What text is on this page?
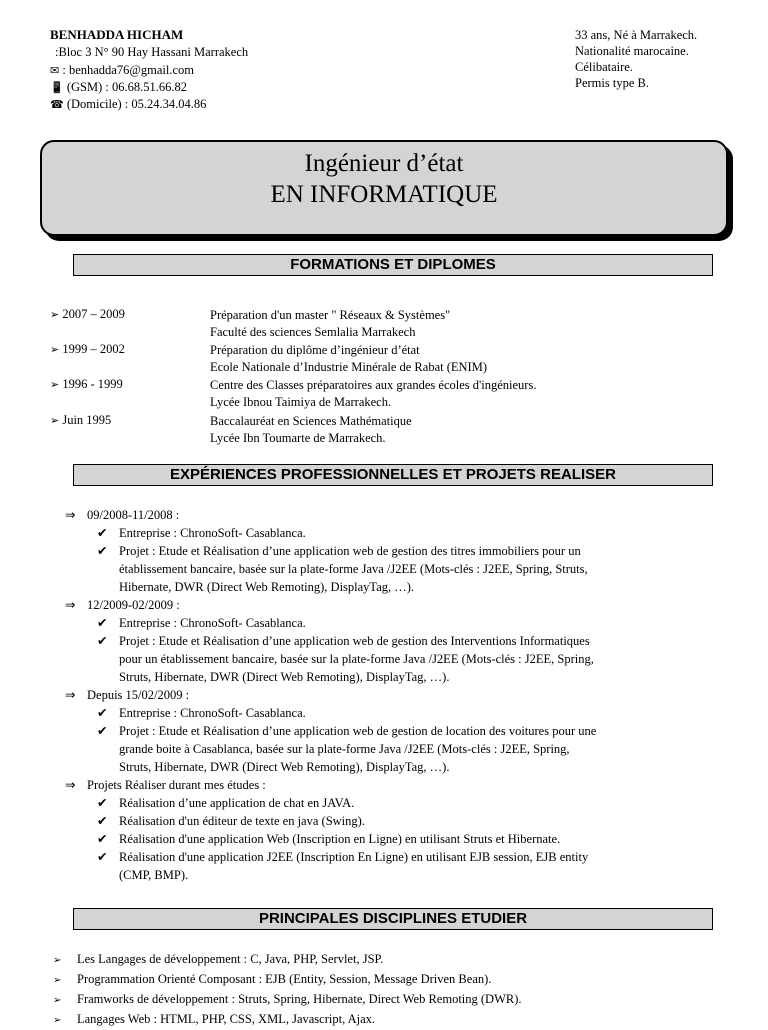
BENHADDA HICHAM
:Bloc 3 N° 90 Hay Hassani Marrakech
✉ : benhadda76@gmail.com
📱 (GSM) : 06.68.51.66.82
☎ (Domicile) : 05.24.34.04.86
33 ans, Né à Marrakech.
Nationalité marocaine.
Célibataire.
Permis type B.
Ingénieur d’état
EN INFORMATIQUE
FORMATIONS ET DIPLOMES
➢ 2007 – 2009	Préparation d'un master " Réseaux & Systèmes"
Faculté des sciences Semlalia Marrakech
➢ 1999 – 2002	Préparation du diplôme d’ingénieur d’état
Ecole Nationale d’Industrie Minérale de Rabat (ENIM)
➢ 1996 - 1999	Centre des Classes préparatoires aux grandes écoles d'ingénieurs.
Lycée Ibnou Taimiya de Marrakech.
➢ Juin 1995	Baccalauréat en Sciences Mathématique
Lycée Ibn Toumarte de Marrakech.
EXPÉRIENCES PROFESSIONNELLES ET PROJETS REALISER
⇒ 09/2008-11/2008 :
✔ Entreprise : ChronoSoft- Casablanca.
✔ Projet : Etude et Réalisation d’une application web de gestion des titres immobiliers pour un
établissement bancaire, basée sur la plate-forme Java /J2EE (Mots-clés : J2EE, Spring, Struts,
Hibernate, DWR (Direct Web Remoting), DisplayTag, …).
⇒ 12/2009-02/2009 :
✔ Entreprise : ChronoSoft- Casablanca.
✔ Projet : Etude et Réalisation d’une application web de gestion des Interventions Informatiques
pour un établissement bancaire, basée sur la plate-forme Java /J2EE (Mots-clés : J2EE, Spring,
Struts, Hibernate, DWR (Direct Web Remoting), DisplayTag, …).
⇒ Depuis 15/02/2009 :
✔ Entreprise : ChronoSoft- Casablanca.
✔ Projet : Etude et Réalisation d’une application web de gestion de location des voitures pour une
grande boite à Casablanca, basée sur la plate-forme Java /J2EE (Mots-clés : J2EE, Spring,
Struts, Hibernate, DWR (Direct Web Remoting), DisplayTag, …).
⇒ Projets Réaliser durant mes études :
✔ Réalisation d’une application de chat en JAVA.
✔ Réalisation d'un éditeur de texte en java (Swing).
✔ Réalisation d'une application Web (Inscription en Ligne) en utilisant Struts et Hibernate.
✔ Réalisation d'une application J2EE (Inscription En Ligne) en utilisant EJB session, EJB entity
(CMP, BMP).
PRINCIPALES DISCIPLINES ETUDIER
➢ Les Langages de développement : C, Java, PHP, Servlet, JSP.
➢ Programmation Orienté Composant : EJB (Entity, Session, Message Driven Bean).
➢ Framworks de développement : Struts, Spring, Hibernate, Direct Web Remoting (DWR).
➢ Langages Web : HTML, PHP, CSS, XML, Javascript, Ajax.
